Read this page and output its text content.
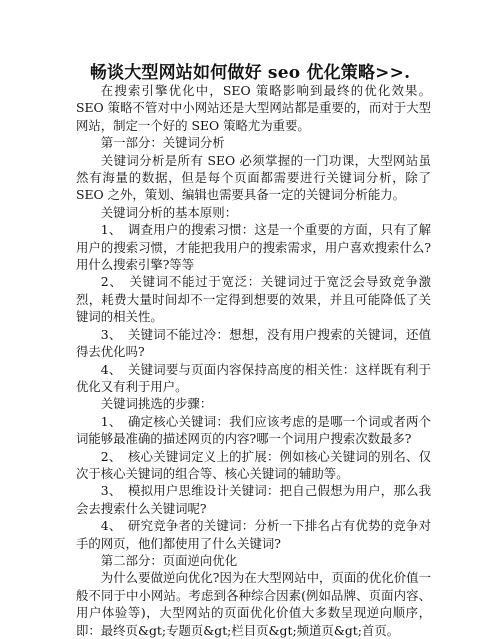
畅谈大型网站如何做好 seo 优化策略>>.

在搜索引擎优化中，SEO 策略影响到最终的优化效果。SEO 策略不管对中小网站还是大型网站都是重要的，而对于大型网站，制定一个好的 SEO 策略尤为重要。

第一部分：关键词分析

关键词分析是所有 SEO 必须掌握的一门功课，大型网站虽然有海量的数据，但是每个页面都需要进行关键词分析，除了 SEO 之外，策划、编辑也需要具备一定的关键词分析能力。

关键词分析的基本原则：

1、　调查用户的搜索习惯：这是一个重要的方面，只有了解用户的搜索习惯，才能把我用户的搜索需求，用户喜欢搜索什么?用什么搜索引擎?等等

2、　关键词不能过于宽泛：关键词过于宽泛会导致竞争激烈，耗费大量时间却不一定得到想要的效果，并且可能降低了关键词的相关性。

3、　关键词不能过冷：想想，没有用户搜索的关键词，还值得去优化吗?

4、　关键词要与页面内容保持高度的相关性：这样既有利于优化又有利于用户。

关键词挑选的步骤：

1、　确定核心关键词：我们应该考虑的是哪一个词或者两个词能够最准确的描述网页的内容?哪一个词用户搜索次数最多?

2、　核心关键词定义上的扩展：例如核心关键词的别名、仅次于核心关键词的组合等、核心关键词的辅助等。

3、　模拟用户思维设计关键词：把自己假想为用户，那么我会去搜索什么关键词呢?

4、　研究竞争者的关键词：分析一下排名占有优势的竞争对手的网页，他们都使用了什么关键词?

第二部分：页面逆向优化

为什么要做逆向优化?因为在大型网站中，页面的优化价值一般不同于中小网站。考虑到各种综合因素(例如品牌、页面内容、用户体验等)，大型网站的页面优化价值大多数呈现逆向顺序，即：最终页&gt;专题页&gt;栏目页&gt;频道页&gt;首页。
